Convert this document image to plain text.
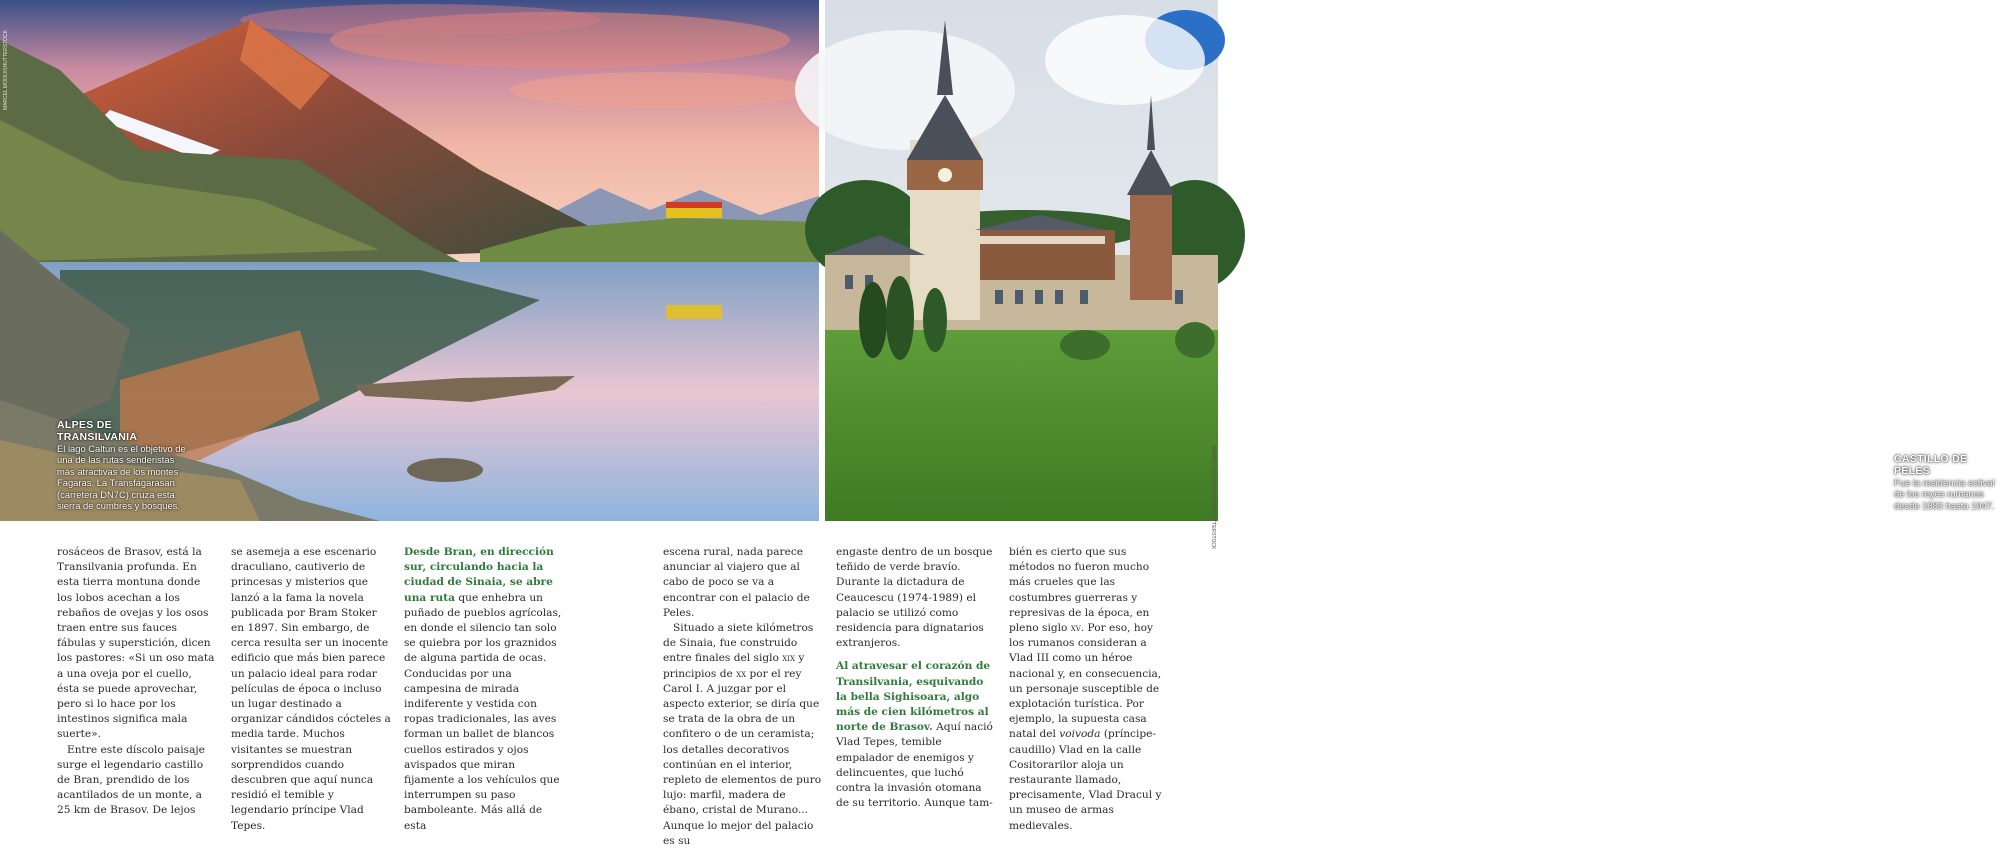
MARCEL MOOIJ/SHUTTERSTOCK
ALPES DE TRANSILVANIA
El lago Caltun es el objetivo de una de las rutas senderistas más atractivas de los montes Fagaras. La Transfagarasan (carretera DN7C) cruza esta sierra de cumbres y bosques.
CASTILLO DE PELES
Fue la residencia estival de los reyes rumanos desde 1883 hasta 1947.
ANDREY SHCHERBUKHIN/SHUTTERSTOCK

rosáceos de Brasov, está la Transilvania profunda. En esta tierra montuna donde los lobos acechan a los rebaños de ovejas y los osos traen entre sus fauces fábulas y superstición, dicen los pastores: «Si un oso mata a una oveja por el cuello, ésta se puede aprovechar, pero si lo hace por los intestinos significa mala suerte».

Entre este díscolo paisaje surge el legendario castillo de Bran, prendido de los acantilados de un monte, a 25 km de Brasov. De lejos

se asemeja a ese escenario draculiano, cautiverio de princesas y misterios que lanzó a la fama la novela publicada por Bram Stoker en 1897. Sin embargo, de cerca resulta ser un inocente edificio que más bien parece un palacio ideal para rodar películas de época o incluso un lugar destinado a organizar cándidos cócteles a media tarde. Muchos visitantes se muestran sorprendidos cuando descubren que aquí nunca residió el temible y legendario príncipe Vlad Tepes.

Desde Bran, en dirección sur, circulando hacia la ciudad de Sinaia, se abre una ruta que enhebra un puñado de pueblos agrícolas, en donde el silencio tan solo se quiebra por los graznidos de alguna partida de ocas. Conducidas por una campesina de mirada indiferente y vestida con ropas tradicionales, las aves forman un ballet de blancos cuellos estirados y ojos avispados que miran fijamente a los vehículos que interrumpen su paso bamboleante. Más allá de esta

escena rural, nada parece anunciar al viajero que al cabo de poco se va a encontrar con el palacio de Peles.

Situado a siete kilómetros de Sinaia, fue construido entre finales del siglo xix y principios de xx por el rey Carol I. A juzgar por el aspecto exterior, se diría que se trata de la obra de un confitero o de un ceramista; los detalles decorativos continúan en el interior, repleto de elementos de puro lujo: marfil, madera de ébano, cristal de Murano... Aunque lo mejor del palacio es su

engaste dentro de un bosque teñido de verde bravío. Durante la dictadura de Ceaucescu (1974-1989) el palacio se utilizó como residencia para dignatarios extranjeros.

Al atravesar el corazón de Transilvania, esquivando la bella Sighisoara, algo más de cien kilómetros al norte de Brasov. Aquí nació Vlad Tepes, temible empalador de enemigos y delincuentes, que luchó contra la invasión otomana de su territorio. Aunque tam-

bién es cierto que sus métodos no fueron mucho más crueles que las costumbres guerreras y represivas de la época, en pleno siglo xv. Por eso, hoy los rumanos consideran a Vlad III como un héroe nacional y, en consecuencia, un personaje susceptible de explotación turística. Por ejemplo, la supuesta casa natal del voivoda (príncipe-caudillo) Vlad en la calle Cositorarilor aloja un restaurante llamado, precisamente, Vlad Dracul y un museo de armas medievales.
